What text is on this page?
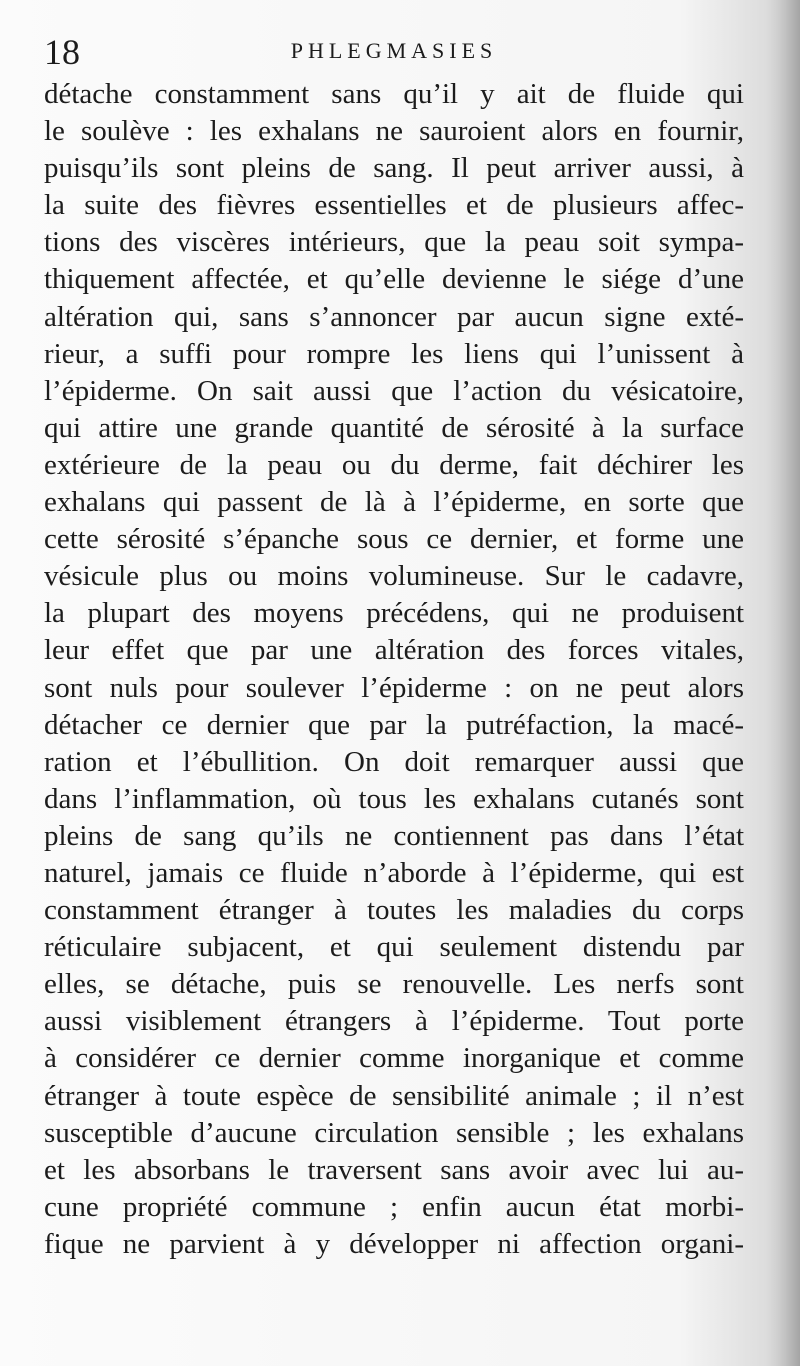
18	PHLEGMASIES
détache constamment sans qu’il y ait de fluide qui
le soulève : les exhalans ne sauroient alors en fournir,
puisqu’ils sont pleins de sang. Il peut arriver aussi, à
la suite des fièvres essentielles et de plusieurs affec-
tions des viscères intérieurs, que la peau soit sympa-
thiquement affectée, et qu’elle devienne le siége d’une
altération qui, sans s’annoncer par aucun signe exté-
rieur, a suffi pour rompre les liens qui l’unissent à
l’épiderme. On sait aussi que l’action du vésicatoire,
qui attire une grande quantité de sérosité à la surface
extérieure de la peau ou du derme, fait déchirer les
exhalans qui passent de là à l’épiderme, en sorte que
cette sérosité s’épanche sous ce dernier, et forme une
vésicule plus ou moins volumineuse. Sur le cadavre,
la plupart des moyens précédens, qui ne produisent
leur effet que par une altération des forces vitales,
sont nuls pour soulever l’épiderme : on ne peut alors
détacher ce dernier que par la putréfaction, la macé-
ration et l’ébullition. On doit remarquer aussi que
dans l’inflammation, où tous les exhalans cutanés sont
pleins de sang qu’ils ne contiennent pas dans l’état
naturel, jamais ce fluide n’aborde à l’épiderme, qui est
constamment étranger à toutes les maladies du corps
réticulaire subjacent, et qui seulement distendu par
elles, se détache, puis se renouvelle. Les nerfs sont
aussi visiblement étrangers à l’épiderme. Tout porte
à considérer ce dernier comme inorganique et comme
étranger à toute espèce de sensibilité animale ; il n’est
susceptible d’aucune circulation sensible ; les exhalans
et les absorbans le traversent sans avoir avec lui au-
cune propriété commune ; enfin aucun état morbi-
fique ne parvient à y développer ni affection organi-
